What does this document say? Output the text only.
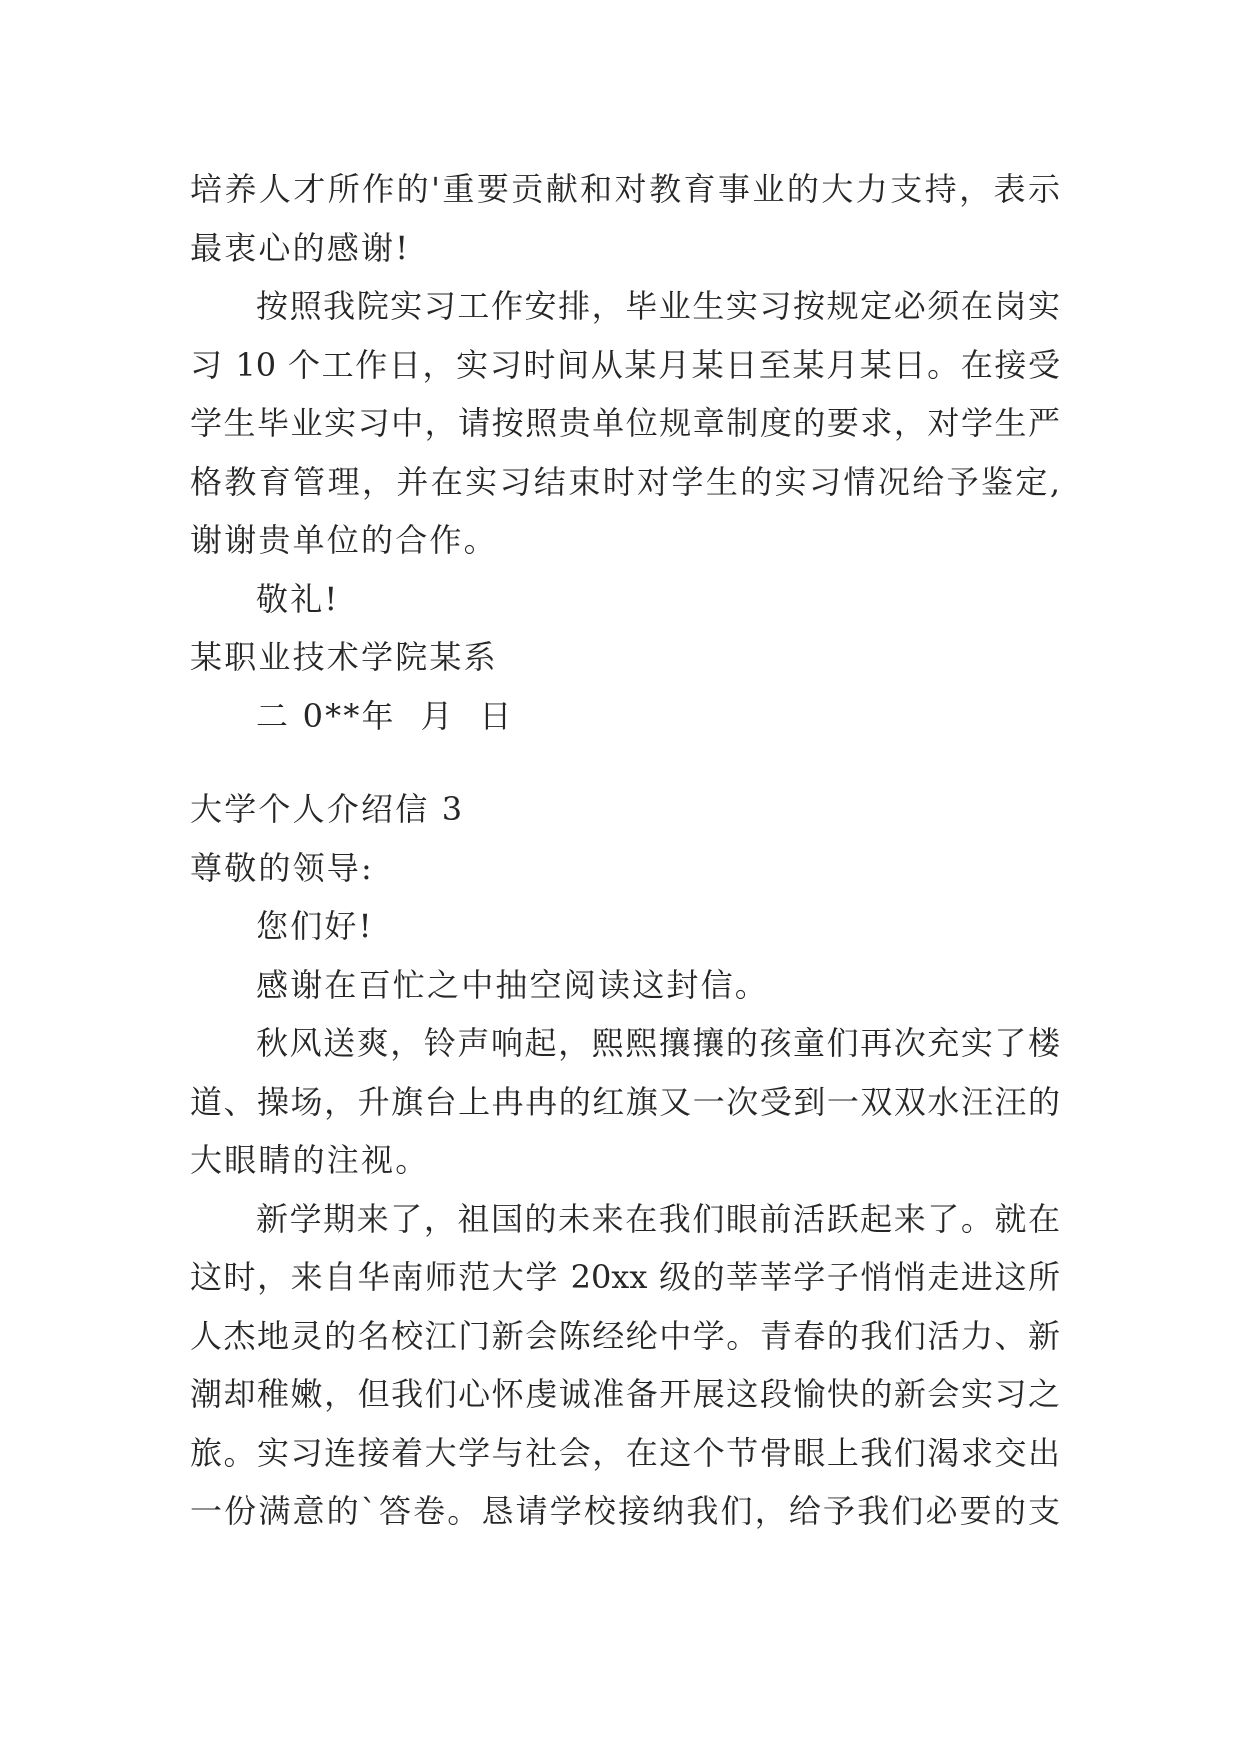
培养人才所作的'重要贡献和对教育事业的大力支持，表示
最衷心的感谢!
按照我院实习工作安排，毕业生实习按规定必须在岗实
习 10 个工作日，实习时间从某月某日至某月某日。在接受
学生毕业实习中，请按照贵单位规章制度的要求，对学生严
格教育管理，并在实习结束时对学生的实习情况给予鉴定,
谢谢贵单位的合作。
敬礼!
某职业技术学院某系
二 0**年  月  日
大学个人介绍信 3
尊敬的领导:
您们好!
感谢在百忙之中抽空阅读这封信。
秋风送爽，铃声响起，熙熙攘攘的孩童们再次充实了楼
道、操场，升旗台上冉冉的红旗又一次受到一双双水汪汪的
大眼睛的注视。
新学期来了，祖国的未来在我们眼前活跃起来了。就在
这时，来自华南师范大学 20xx 级的莘莘学子悄悄走进这所
人杰地灵的名校江门新会陈经纶中学。青春的我们活力、新
潮却稚嫩，但我们心怀虔诚准备开展这段愉快的新会实习之
旅。实习连接着大学与社会，在这个节骨眼上我们渴求交出
一份满意的`答卷。恳请学校接纳我们，给予我们必要的支
